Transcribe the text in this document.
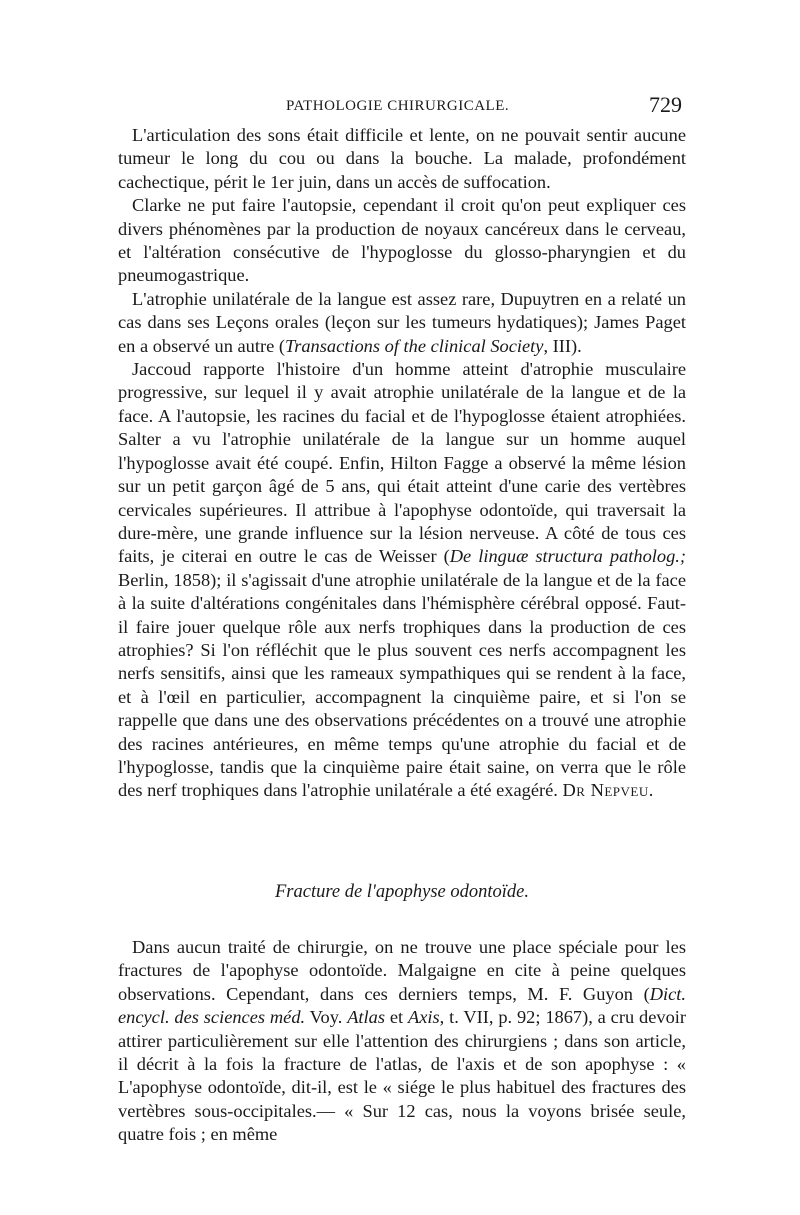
PATHOLOGIE CHIRURGICALE.	729

L'articulation des sons était difficile et lente, on ne pouvait sentir aucune tumeur le long du cou ou dans la bouche. La malade, profondément cachectique, périt le 1er juin, dans un accès de suffocation.

Clarke ne put faire l'autopsie, cependant il croit qu'on peut expliquer ces divers phénomènes par la production de noyaux cancéreux dans le cerveau, et l'altération consécutive de l'hypoglosse du glosso-pharyngien et du pneumogastrique.

L'atrophie unilatérale de la langue est assez rare, Dupuytren en a relaté un cas dans ses Leçons orales (leçon sur les tumeurs hydatiques); James Paget en a observé un autre (Transactions of the clinical Society, III).

Jaccoud rapporte l'histoire d'un homme atteint d'atrophie musculaire progressive, sur lequel il y avait atrophie unilatérale de la langue et de la face. A l'autopsie, les racines du facial et de l'hypoglosse étaient atrophiées. Salter a vu l'atrophie unilatérale de la langue sur un homme auquel l'hypoglosse avait été coupé. Enfin, Hilton Fagge a observé la même lésion sur un petit garçon âgé de 5 ans, qui était atteint d'une carie des vertèbres cervicales supérieures. Il attribue à l'apophyse odontoïde, qui traversait la dure-mère, une grande influence sur la lésion nerveuse. A côté de tous ces faits, je citerai en outre le cas de Weisser (De linguæ structura patholog.; Berlin, 1858); il s'agissait d'une atrophie unilatérale de la langue et de la face à la suite d'altérations congénitales dans l'hémisphère cérébral opposé. Faut-il faire jouer quelque rôle aux nerfs trophiques dans la production de ces atrophies? Si l'on réfléchit que le plus souvent ces nerfs accompagnent les nerfs sensitifs, ainsi que les rameaux sympathiques qui se rendent à la face, et à l'œil en particulier, accompagnent la cinquième paire, et si l'on se rappelle que dans une des observations précédentes on a trouvé une atrophie des racines antérieures, en même temps qu'une atrophie du facial et de l'hypoglosse, tandis que la cinquième paire était saine, on verra que le rôle des nerf trophiques dans l'atrophie unilatérale a été exagéré. Dr Nepveu.

Fracture de l'apophyse odontoïde.

Dans aucun traité de chirurgie, on ne trouve une place spéciale pour les fractures de l'apophyse odontoïde. Malgaigne en cite à peine quelques observations. Cependant, dans ces derniers temps, M. F. Guyon (Dict. encycl. des sciences méd. Voy. Atlas et Axis, t. VII, p. 92; 1867), a cru devoir attirer particulièrement sur elle l'attention des chirurgiens ; dans son article, il décrit à la fois la fracture de l'atlas, de l'axis et de son apophyse : « L'apophyse odontoïde, dit-il, est le « siége le plus habituel des fractures des vertèbres sous-occipitales.— « Sur 12 cas, nous la voyons brisée seule, quatre fois ; en même
